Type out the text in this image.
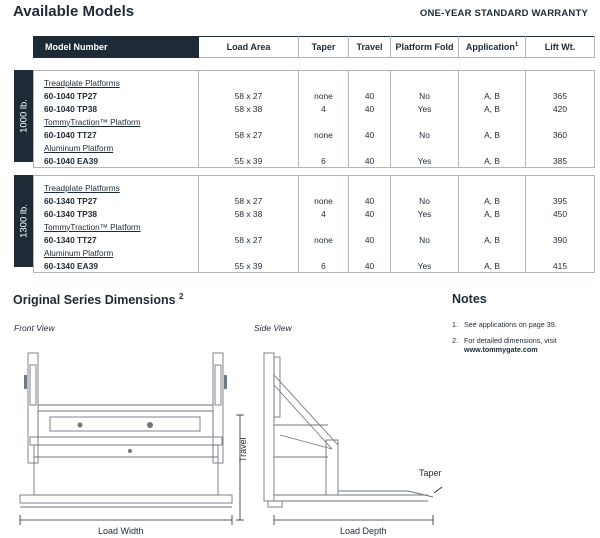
Available Models	ONE-YEAR STANDARD WARRANTY
Model Number	Load Area	Taper	Travel	Platform Fold	Application$^1$	Lift Wt.
1000 lb.

Treadplate Platforms						
60-1040 TP27	58 x 27	none	40	No	A, B	365
60-1040 TP38	58 x 38	4	40	Yes	A, B	420
TommyTraction™ Platform						
60-1040 TT27	58 x 27	none	40	No	A, B	360
Aluminum Platform						
60-1040 EA39	55 x 39	6	40	Yes	A, B	385
1300 lb.

Treadplate Platforms						
60-1340 TP27	58 x 27	none	40	No	A, B	395
60-1340 TP38	58 x 38	4	40	Yes	A, B	450
TommyTraction™ Platform						
60-1340 TT27	58 x 27	none	40	No	A, B	390
Aluminum Platform						
60-1340 EA39	55 x 39	6	40	Yes	A, B	415
Original Series Dimensions $^2$
Front View	Side View
Load Width
Travel
Load Depth
Taper
Notes
1. See applications on page 39.
2. For detailed dimensions, visit
www.tommygate.com
